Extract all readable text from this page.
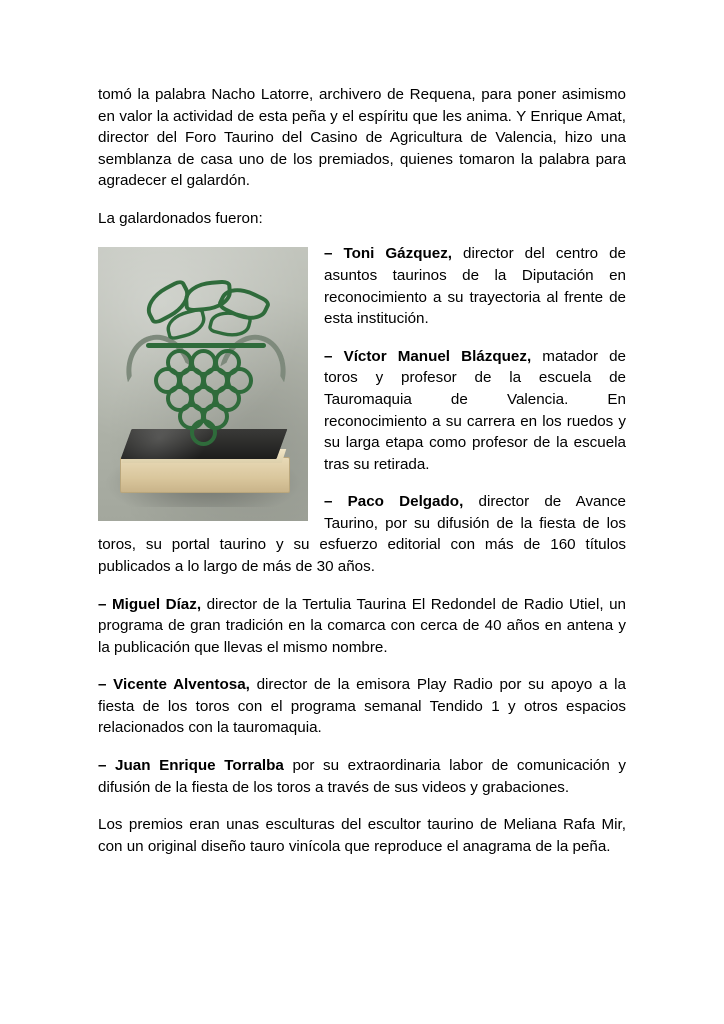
tomó la palabra Nacho Latorre, archivero de Requena, para poner asimismo en valor la actividad de esta peña y el espíritu que les anima. Y Enrique Amat, director del Foro Taurino del Casino de Agricultura de Valencia, hizo una semblanza de casa uno de los premiados, quienes tomaron la palabra para agradecer el galardón.

La galardonados fueron:

– Toni Gázquez, director del centro de asuntos taurinos de la Diputación en reconocimiento a su trayectoria al frente de esta institución.

– Víctor Manuel Blázquez, matador de toros y profesor de la escuela de Tauromaquia de Valencia. En reconocimiento a su carrera en los ruedos y su larga etapa como profesor de la escuela tras su retirada.

– Paco Delgado, director de Avance Taurino, por su difusión de la fiesta de los toros, su portal taurino y su esfuerzo editorial con más de 160 títulos publicados a lo largo de más de 30 años.

– Miguel Díaz, director de la Tertulia Taurina El Redondel de Radio Utiel, un programa de gran tradición en la comarca con cerca de 40 años en antena y la publicación que llevas el mismo nombre.

– Vicente Alventosa, director de la emisora Play Radio por su apoyo a la fiesta de los toros con el programa semanal Tendido 1 y otros espacios relacionados con la tauromaquia.

– Juan Enrique Torralba por su extraordinaria labor de comunicación y difusión de la fiesta de los toros a través de sus videos y grabaciones.

Los premios eran unas esculturas del escultor taurino de Meliana Rafa Mir, con un original diseño tauro vinícola que reproduce el anagrama de la peña.
